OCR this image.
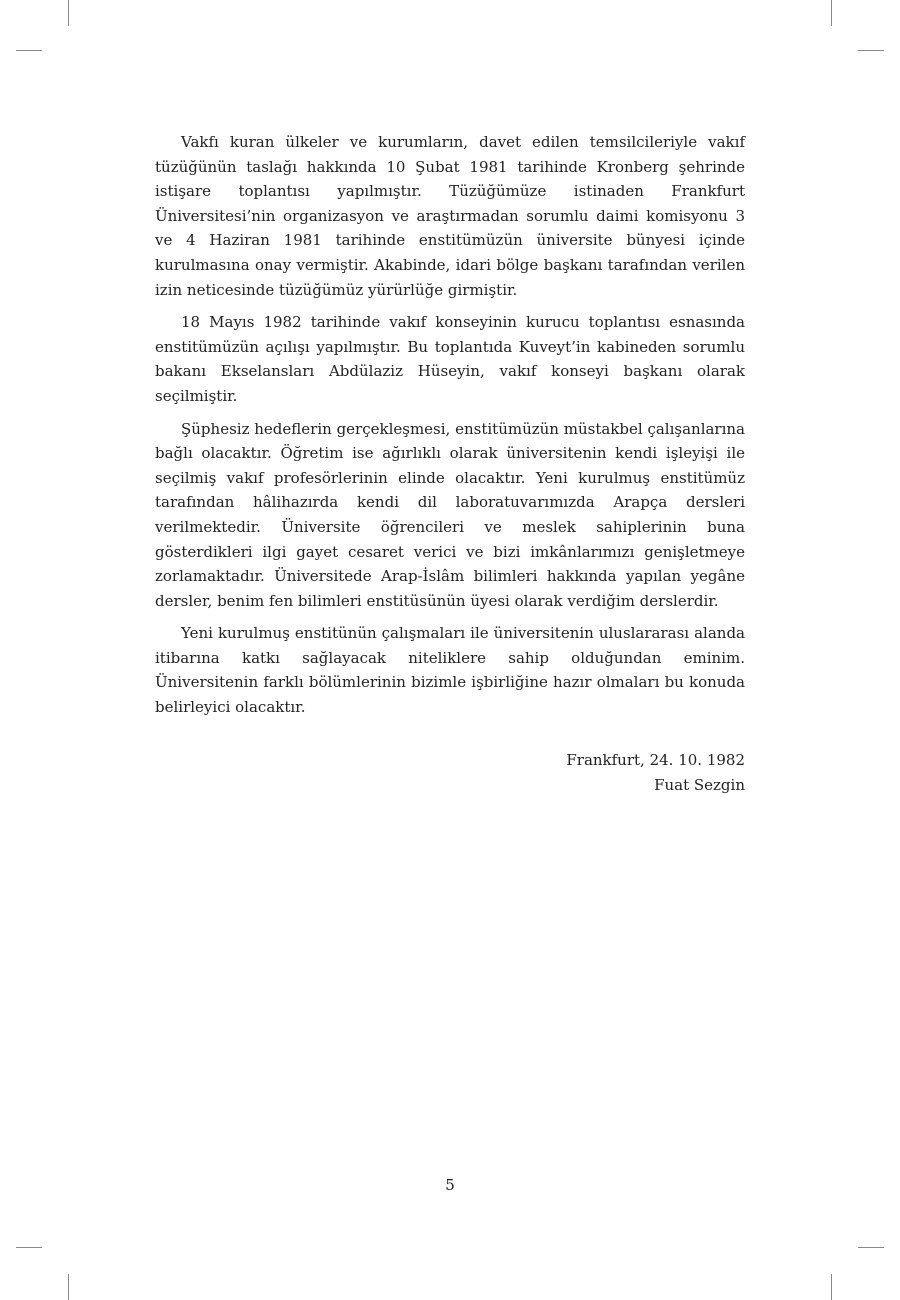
Vakfı kuran ülkeler ve kurumların, davet edilen temsilcileriyle vakıf tüzüğünün taslağı hakkında 10 Şubat 1981 tarihinde Kronberg şehrinde istişare toplantısı yapılmıştır. Tüzüğümüze istinaden Frankfurt Üniversitesi’nin organizasyon ve araştırmadan sorumlu daimi komisyonu 3 ve 4 Haziran 1981 tarihinde enstitümüzün üniversite bünyesi içinde kurulmasına onay vermiştir. Akabinde, idari bölge başkanı tarafından verilen izin neticesinde tüzüğümüz yürürlüğe girmiştir.

18 Mayıs 1982 tarihinde vakıf konseyinin kurucu toplantısı esnasında enstitümüzün açılışı yapılmıştır. Bu toplantıda Kuveyt’in kabineden sorumlu bakanı Ekselansları Abdülaziz Hüseyin, vakıf konseyi başkanı olarak seçilmiştir.

Şüphesiz hedeflerin gerçekleşmesi, enstitümüzün müstakbel çalışanlarına bağlı olacaktır. Öğretim ise ağırlıklı olarak üniversitenin kendi işleyişi ile seçilmiş vakıf profesörlerinin elinde olacaktır. Yeni kurulmuş enstitümüz tarafından hâlihazırda kendi dil laboratuvarımızda Arapça dersleri verilmektedir. Üniversite öğrencileri ve meslek sahiplerinin buna gösterdikleri ilgi gayet cesaret verici ve bizi imkânlarımızı genişletmeye zorlamaktadır. Üniversitede Arap-İslâm bilimleri hakkında yapılan yegâne dersler, benim fen bilimleri enstitüsünün üyesi olarak verdiğim derslerdir.

Yeni kurulmuş enstitünün çalışmaları ile üniversitenin uluslararası alanda itibarına katkı sağlayacak niteliklere sahip olduğundan eminim. Üniversitenin farklı bölümlerinin bizimle işbirliğine hazır olmaları bu konuda belirleyici olacaktır.

Frankfurt, 24. 10. 1982
Fuat Sezgin
5
